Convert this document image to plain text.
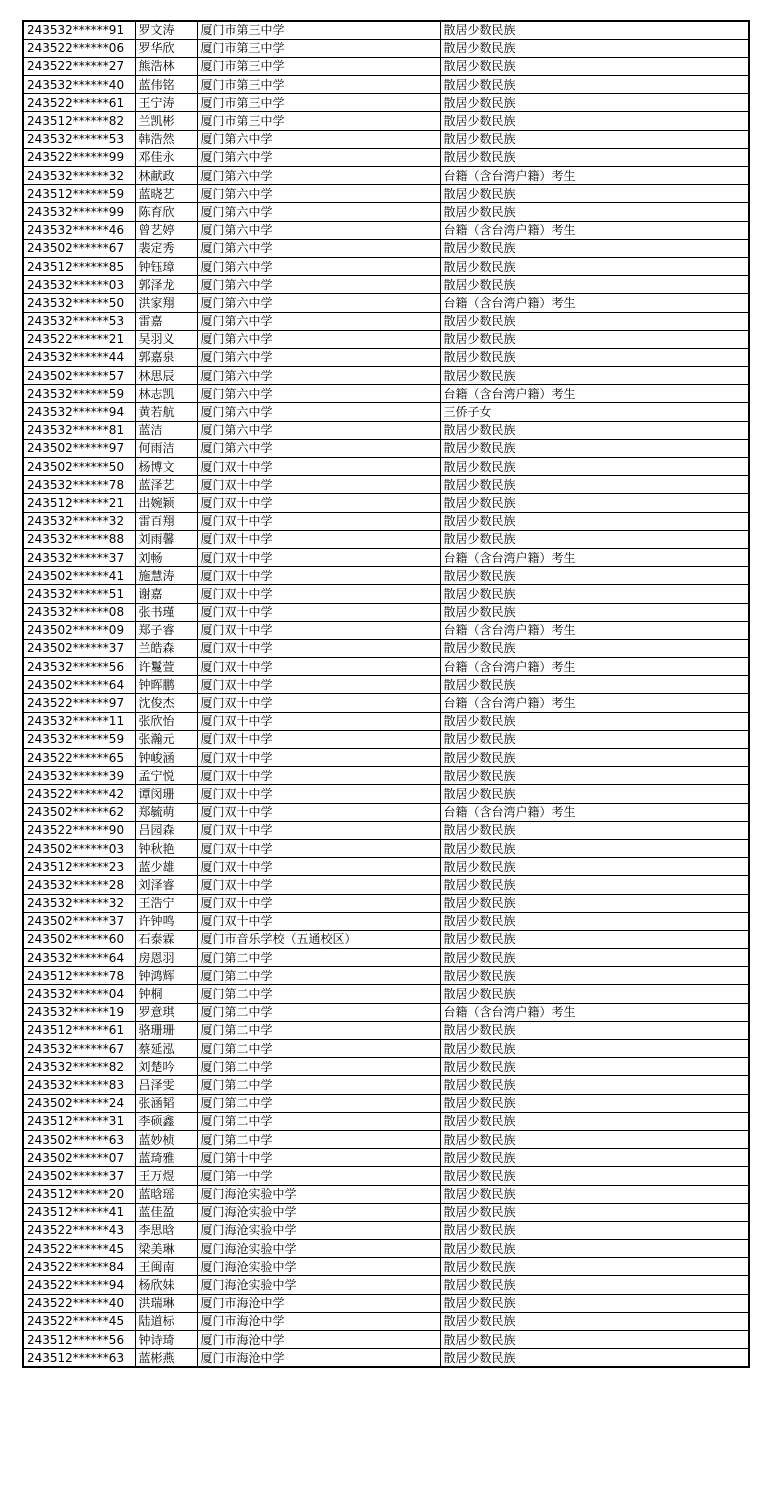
243532******91	罗文涛	厦门市第三中学	散居少数民族
243522******06	罗华欣	厦门市第三中学	散居少数民族
243522******27	熊浩林	厦门市第三中学	散居少数民族
243532******40	蓝伟铭	厦门市第三中学	散居少数民族
243522******61	王宁涛	厦门市第三中学	散居少数民族
243512******82	兰凯彬	厦门市第三中学	散居少数民族
243532******53	韩浩然	厦门第六中学	散居少数民族
243522******99	邓佳永	厦门第六中学	散居少数民族
243532******32	林献政	厦门第六中学	台籍（含台湾户籍）考生
243512******59	蓝晓艺	厦门第六中学	散居少数民族
243532******99	陈育欣	厦门第六中学	散居少数民族
243532******46	曾艺婷	厦门第六中学	台籍（含台湾户籍）考生
243502******67	裴定秀	厦门第六中学	散居少数民族
243512******85	钟钰璋	厦门第六中学	散居少数民族
243532******03	郭泽龙	厦门第六中学	散居少数民族
243532******50	洪家翔	厦门第六中学	台籍（含台湾户籍）考生
243532******53	雷嘉	厦门第六中学	散居少数民族
243522******21	吴羽义	厦门第六中学	散居少数民族
243532******44	郭嘉泉	厦门第六中学	散居少数民族
243502******57	林思辰	厦门第六中学	散居少数民族
243532******59	林志凯	厦门第六中学	台籍（含台湾户籍）考生
243532******94	黄若航	厦门第六中学	三侨子女
243532******81	蓝洁	厦门第六中学	散居少数民族
243502******97	何雨洁	厦门第六中学	散居少数民族
243502******50	杨博文	厦门双十中学	散居少数民族
243532******78	蓝泽艺	厦门双十中学	散居少数民族
243512******21	出婉颖	厦门双十中学	散居少数民族
243532******32	雷百翔	厦门双十中学	散居少数民族
243532******88	刘雨馨	厦门双十中学	散居少数民族
243532******37	刘畅	厦门双十中学	台籍（含台湾户籍）考生
243502******41	施慧涛	厦门双十中学	散居少数民族
243532******51	谢嘉	厦门双十中学	散居少数民族
243532******08	张书瑾	厦门双十中学	散居少数民族
243502******09	郑子睿	厦门双十中学	台籍（含台湾户籍）考生
243502******37	兰皓森	厦门双十中学	散居少数民族
243532******56	许鬘萱	厦门双十中学	台籍（含台湾户籍）考生
243502******64	钟晖鹏	厦门双十中学	散居少数民族
243522******97	沈俊杰	厦门双十中学	台籍（含台湾户籍）考生
243532******11	张欣怡	厦门双十中学	散居少数民族
243532******59	张瀚元	厦门双十中学	散居少数民族
243522******65	钟峻涵	厦门双十中学	散居少数民族
243532******39	孟宁悦	厦门双十中学	散居少数民族
243522******42	谭闵珊	厦门双十中学	散居少数民族
243502******62	郑毓萌	厦门双十中学	台籍（含台湾户籍）考生
243522******90	吕园森	厦门双十中学	散居少数民族
243502******03	钟秋艳	厦门双十中学	散居少数民族
243512******23	蓝少雄	厦门双十中学	散居少数民族
243532******28	刘泽睿	厦门双十中学	散居少数民族
243532******32	王浩宁	厦门双十中学	散居少数民族
243502******37	许钟鸣	厦门双十中学	散居少数民族
243502******60	石泰霖	厦门市音乐学校（五通校区）	散居少数民族
243532******64	房恩羽	厦门第二中学	散居少数民族
243512******78	钟鸿辉	厦门第二中学	散居少数民族
243532******04	钟桐	厦门第二中学	散居少数民族
243532******19	罗意琪	厦门第二中学	台籍（含台湾户籍）考生
243512******61	骆珊珊	厦门第二中学	散居少数民族
243532******67	蔡延泓	厦门第二中学	散居少数民族
243532******82	刘楚吟	厦门第二中学	散居少数民族
243532******83	吕泽雯	厦门第二中学	散居少数民族
243502******24	张涵韬	厦门第二中学	散居少数民族
243512******31	李硕鑫	厦门第二中学	散居少数民族
243502******63	蓝妙桢	厦门第二中学	散居少数民族
243502******07	蓝琦雅	厦门第十中学	散居少数民族
243502******37	王万煜	厦门第一中学	散居少数民族
243512******20	蓝晗瑶	厦门海沧实验中学	散居少数民族
243512******41	蓝佳盈	厦门海沧实验中学	散居少数民族
243522******43	李思晗	厦门海沧实验中学	散居少数民族
243522******45	梁美琳	厦门海沧实验中学	散居少数民族
243522******84	王闽南	厦门海沧实验中学	散居少数民族
243522******94	杨欣妹	厦门海沧实验中学	散居少数民族
243522******40	洪瑞琳	厦门市海沧中学	散居少数民族
243522******45	陆道标	厦门市海沧中学	散居少数民族
243512******56	钟诗琦	厦门市海沧中学	散居少数民族
243512******63	蓝彬燕	厦门市海沧中学	散居少数民族
